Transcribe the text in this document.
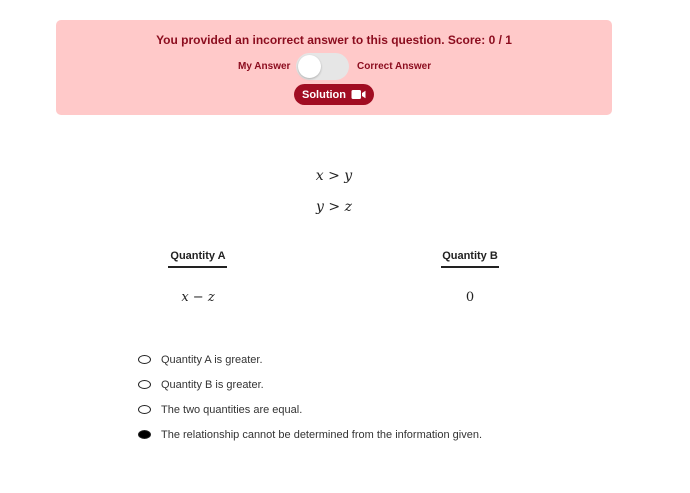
You provided an incorrect answer to this question. Score: 0 / 1
My Answer	Correct Answer
Solution
x > y
y > z
Quantity A	Quantity B
x − z	0
Quantity A is greater.
Quantity B is greater.
The two quantities are equal.
The relationship cannot be determined from the information given.
